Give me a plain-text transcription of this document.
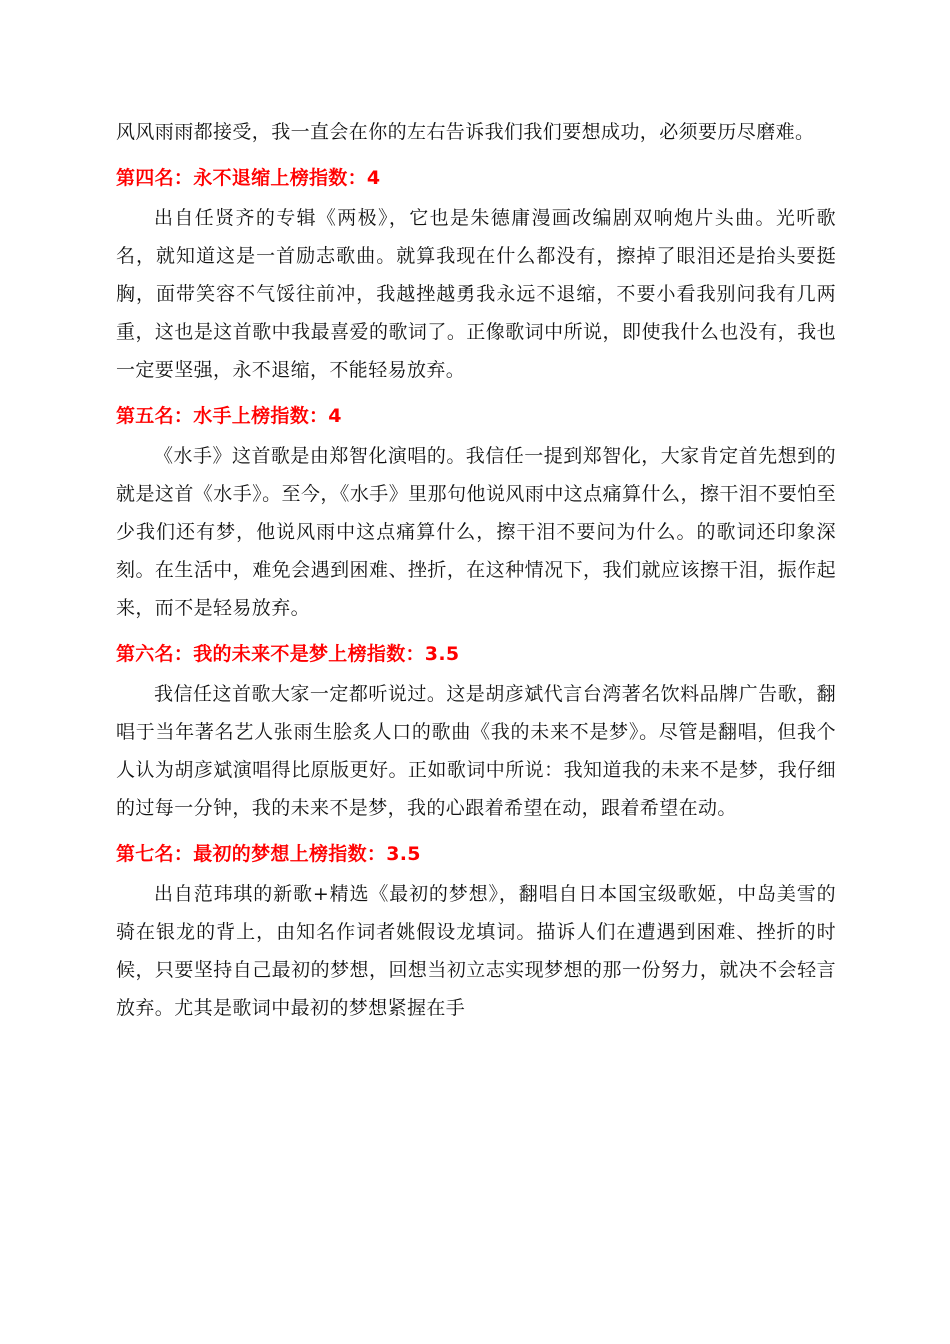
风风雨雨都接受，我一直会在你的左右告诉我们我们要想成功，必须要历尽磨难。

第四名：永不退缩上榜指数：4

出自任贤齐的专辑《两极》，它也是朱德庸漫画改编剧双响炮片头曲。光听歌名，就知道这是一首励志歌曲。就算我现在什么都没有，擦掉了眼泪还是抬头要挺胸，面带笑容不气馁往前冲，我越挫越勇我永远不退缩，不要小看我别问我有几两重，这也是这首歌中我最喜爱的歌词了。正像歌词中所说，即使我什么也没有，我也一定要坚强，永不退缩，不能轻易放弃。

第五名：水手上榜指数：4

《水手》这首歌是由郑智化演唱的。我信任一提到郑智化，大家肯定首先想到的就是这首《水手》。至今，《水手》里那句他说风雨中这点痛算什么，擦干泪不要怕至少我们还有梦，他说风雨中这点痛算什么，擦干泪不要问为什么。的歌词还印象深刻。在生活中，难免会遇到困难、挫折，在这种情况下，我们就应该擦干泪，振作起来，而不是轻易放弃。

第六名：我的未来不是梦上榜指数：3.5

我信任这首歌大家一定都听说过。这是胡彦斌代言台湾著名饮料品牌广告歌，翻唱于当年著名艺人张雨生脍炙人口的歌曲《我的未来不是梦》。尽管是翻唱，但我个人认为胡彦斌演唱得比原版更好。正如歌词中所说：我知道我的未来不是梦，我仔细的过每一分钟，我的未来不是梦，我的心跟着希望在动，跟着希望在动。

第七名：最初的梦想上榜指数：3.5

出自范玮琪的新歌+精选《最初的梦想》，翻唱自日本国宝级歌姬，中岛美雪的骑在银龙的背上，由知名作词者姚假设龙填词。描诉人们在遭遇到困难、挫折的时候，只要坚持自己最初的梦想，回想当初立志实现梦想的那一份努力，就决不会轻言放弃。尤其是歌词中最初的梦想紧握在手
